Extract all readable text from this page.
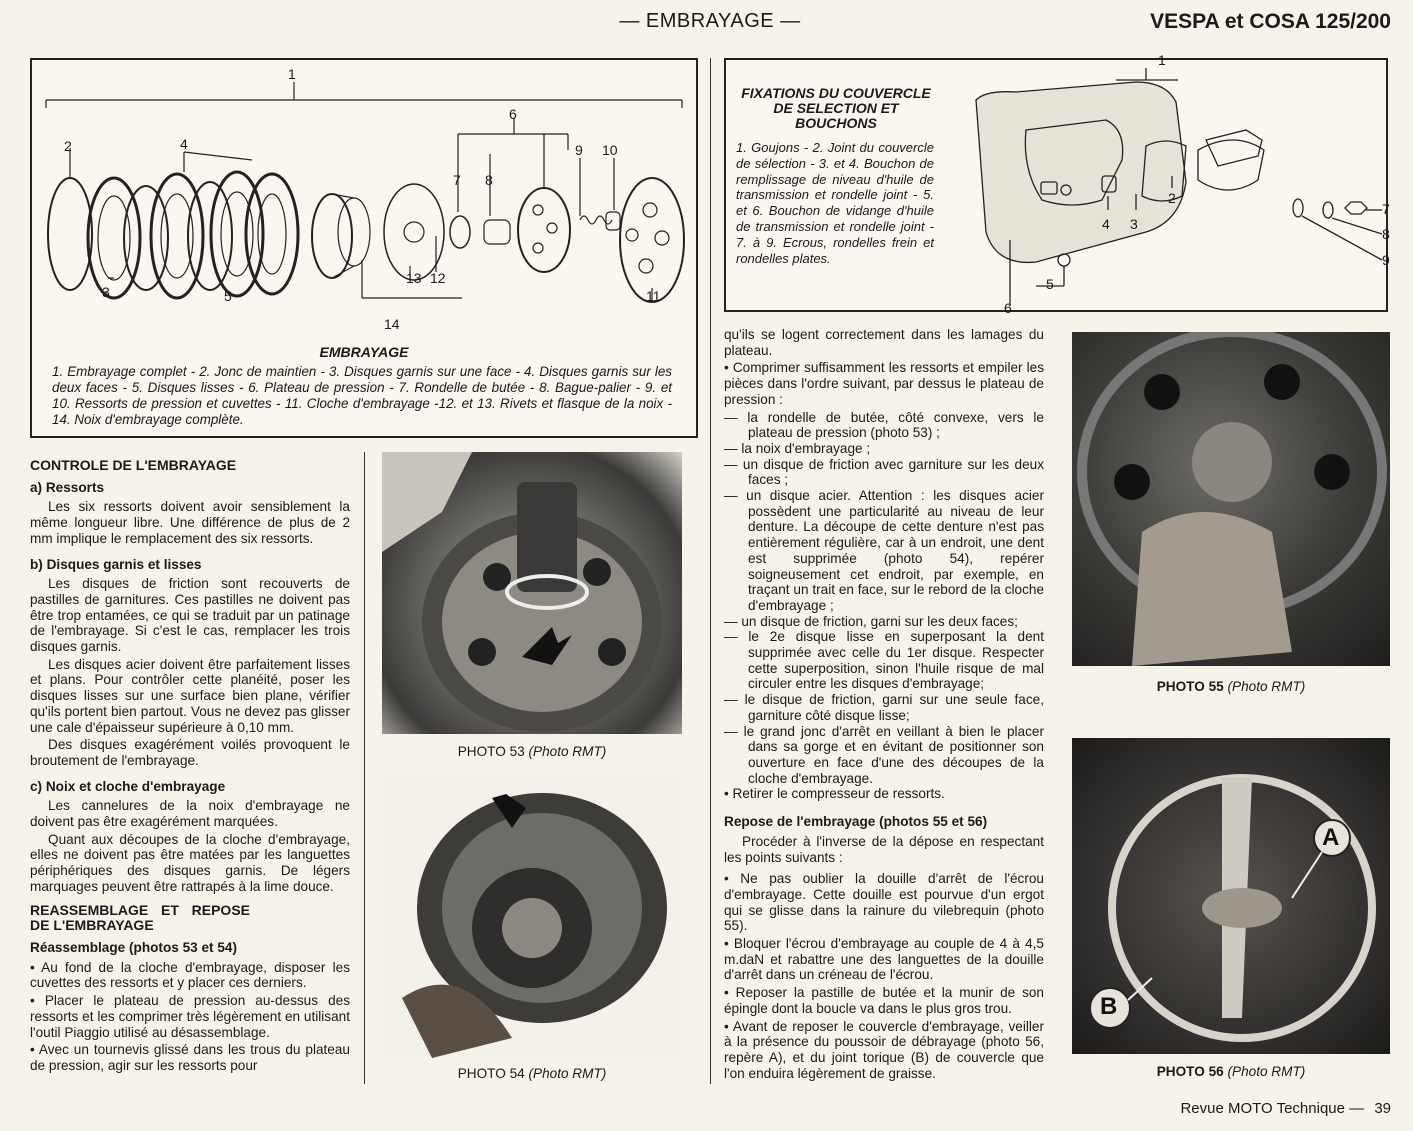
— EMBRAYAGE —	VESPA et COSA 125/200
1
2
3
4
5
6
7 8
9 10
11
12
13
14
EMBRAYAGE
1. Embrayage complet - 2. Jonc de maintien - 3. Disques garnis sur une face - 4. Disques garnis sur les deux faces - 5. Disques lisses - 6. Plateau de pression - 7. Rondelle de butée - 8. Bague-palier - 9. et 10. Ressorts de pression et cuvettes - 11. Cloche d'embrayage -12. et 13. Rivets et flasque de la noix - 14. Noix d'embrayage complète.
FIXATIONS DU COUVERCLE DE SELECTION ET BOUCHONS
1. Goujons - 2. Joint du couvercle de sélection - 3. et 4. Bouchon de remplissage de niveau d'huile de transmission et rondelle joint - 5. et 6. Bouchon de vidange d'huile de transmission et rondelle joint - 7. à 9. Ecrous, rondelles frein et rondelles plates.
1
2
3
4
5
6
7
8
9
CONTROLE DE L'EMBRAYAGE
a) Ressorts

Les six ressorts doivent avoir sensiblement la même longueur libre. Une différence de plus de 2 mm implique le remplacement des six ressorts.

b) Disques garnis et lisses

Les disques de friction sont recouverts de pastilles de garnitures. Ces pastilles ne doivent pas être trop entamées, ce qui se traduit par un patinage de l'embrayage. Si c'est le cas, remplacer les trois disques garnis.

Les disques acier doivent être parfaitement lisses et plans. Pour contrôler cette planéité, poser les disques lisses sur une surface bien plane, vérifier qu'ils portent bien partout. Vous ne devez pas glisser une cale d'épaisseur supérieure à 0,10 mm.

Des disques exagérément voilés provoquent le broutement de l'embrayage.

c) Noix et cloche d'embrayage

Les cannelures de la noix d'embrayage ne doivent pas être exagérément marquées.

Quant aux découpes de la cloche d'embrayage, elles ne doivent pas être matées par les languettes périphériques des disques garnis. De légers marquages peuvent être rattrapés à la lime douce.

REASSEMBLAGE ET REPOSE DE L'EMBRAYAGE
Réassemblage (photos 53 et 54)

• Au fond de la cloche d'embrayage, disposer les cuvettes des ressorts et y placer ces derniers.

• Placer le plateau de pression au-dessus des ressorts et les comprimer très légèrement en utilisant l'outil Piaggio utilisé au désassemblage.

• Avec un tournevis glissé dans les trous du plateau de pression, agir sur les ressorts pour

PHOTO 53 (Photo RMT)
PHOTO 54 (Photo RMT)

qu'ils se logent correctement dans les lamages du plateau.

• Comprimer suffisamment les ressorts et empiler les pièces dans l'ordre suivant, par dessus le plateau de pression :

— la rondelle de butée, côté convexe, vers le plateau de pression (photo 53) ;
— la noix d'embrayage ;
— un disque de friction avec garniture sur les deux faces ;
— un disque acier. Attention : les disques acier possèdent une particularité au niveau de leur denture. La découpe de cette denture n'est pas entièrement régulière, car à un endroit, une dent est supprimée (photo 54), repérer soigneusement cet endroit, par exemple, en traçant un trait en face, sur le rebord de la cloche d'embrayage ;
— un disque de friction, garni sur les deux faces;
— le 2e disque lisse en superposant la dent supprimée avec celle du 1er disque. Respecter cette superposition, sinon l'huile risque de mal circuler entre les disques d'embrayage;
— le disque de friction, garni sur une seule face, garniture côté disque lisse;
— le grand jonc d'arrêt en veillant à bien le placer dans sa gorge et en évitant de positionner son ouverture en face d'une des découpes de la cloche d'embrayage.

• Retirer le compresseur de ressorts.

Repose de l'embrayage (photos 55 et 56)

Procéder à l'inverse de la dépose en respectant les points suivants :

• Ne pas oublier la douille d'arrêt de l'écrou d'embrayage. Cette douille est pourvue d'un ergot qui se glisse dans la rainure du vilebrequin (photo 55).

• Bloquer l'écrou d'embrayage au couple de 4 à 4,5 m.daN et rabattre une des languettes de la douille d'arrêt dans un créneau de l'écrou.

• Reposer la pastille de butée et la munir de son épingle dont la boucle va dans le plus gros trou.

• Avant de reposer le couvercle d'embrayage, veiller à la présence du poussoir de débrayage (photo 56, repère A), et du joint torique (B) de couvercle que l'on enduira légèrement de graisse.

PHOTO 55 (Photo RMT)
A
B
PHOTO 56 (Photo RMT)
Revue MOTO Technique — 39
